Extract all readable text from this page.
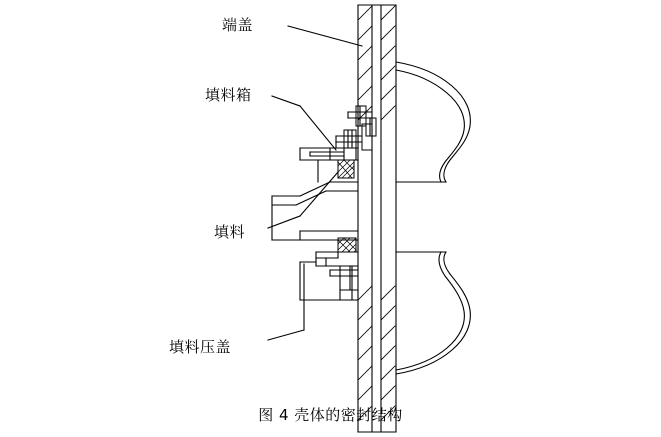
端盖
填料箱
填料
填料压盖
图 4 壳体的密封结构
